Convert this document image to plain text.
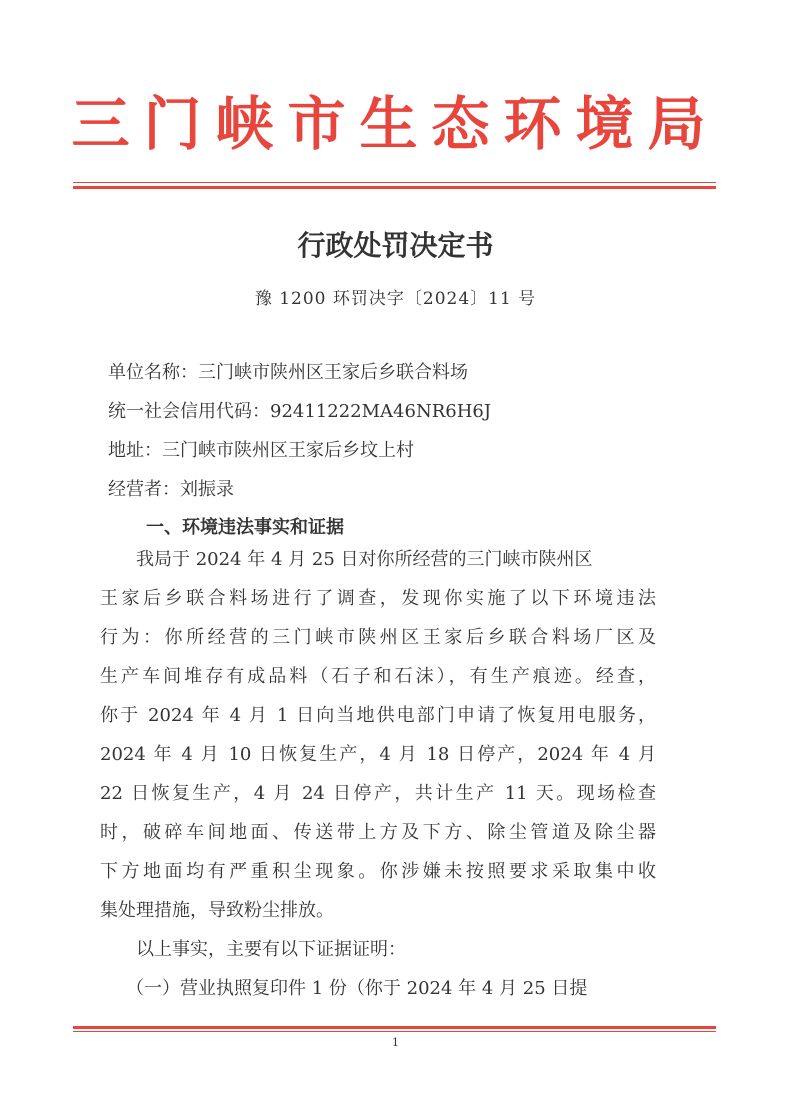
三门峡市生态环境局
行政处罚决定书
豫 1200 环罚决字〔2024〕11 号
单位名称：三门峡市陕州区王家后乡联合料场
统一社会信用代码：92411222MA46NR6H6J
地址：三门峡市陕州区王家后乡坟上村
经营者：刘振录
一、环境违法事实和证据
我局于 2024 年 4 月 25 日对你所经营的三门峡市陕州区
王家后乡联合料场进行了调查，发现你实施了以下环境违法
行为：你所经营的三门峡市陕州区王家后乡联合料场厂区及
生产车间堆存有成品料（石子和石沫），有生产痕迹。经查，
你于 2024 年 4 月 1 日向当地供电部门申请了恢复用电服务，
2024 年 4 月 10 日恢复生产，4 月 18 日停产，2024 年 4 月
22 日恢复生产，4 月 24 日停产，共计生产 11 天。现场检查
时，破碎车间地面、传送带上方及下方、除尘管道及除尘器
下方地面均有严重积尘现象。你涉嫌未按照要求采取集中收
集处理措施，导致粉尘排放。
以上事实，主要有以下证据证明：
（一）营业执照复印件 1 份（你于 2024 年 4 月 25 日提
1
